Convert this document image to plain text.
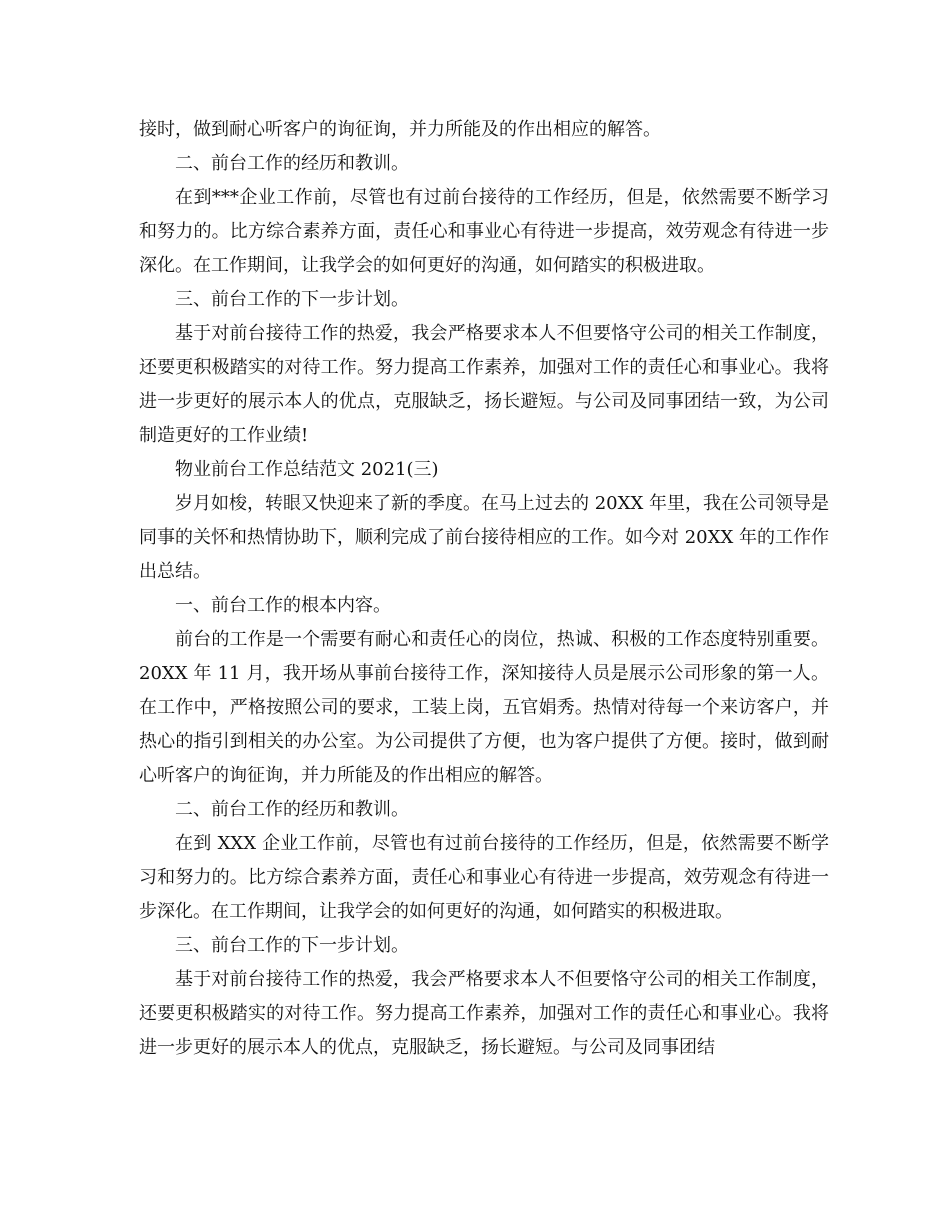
接时，做到耐心听客户的询征询，并力所能及的作出相应的解答。

二、前台工作的经历和教训。

在到***企业工作前，尽管也有过前台接待的工作经历，但是，依然需要不断学习和努力的。比方综合素养方面，责任心和事业心有待进一步提高，效劳观念有待进一步深化。在工作期间，让我学会的如何更好的沟通，如何踏实的积极进取。

三、前台工作的下一步计划。

基于对前台接待工作的热爱，我会严格要求本人不但要恪守公司的相关工作制度，还要更积极踏实的对待工作。努力提高工作素养，加强对工作的责任心和事业心。我将进一步更好的展示本人的优点，克服缺乏，扬长避短。与公司及同事团结一致，为公司制造更好的工作业绩!

物业前台工作总结范文 2021(三)

岁月如梭，转眼又快迎来了新的季度。在马上过去的 20XX 年里，我在公司领导是同事的关怀和热情协助下，顺利完成了前台接待相应的工作。如今对 20XX 年的工作作出总结。

一、前台工作的根本内容。

前台的工作是一个需要有耐心和责任心的岗位，热诚、积极的工作态度特别重要。20XX 年 11 月，我开场从事前台接待工作，深知接待人员是展示公司形象的第一人。在工作中，严格按照公司的要求，工装上岗，五官娟秀。热情对待每一个来访客户，并热心的指引到相关的办公室。为公司提供了方便，也为客户提供了方便。接时，做到耐心听客户的询征询，并力所能及的作出相应的解答。

二、前台工作的经历和教训。

在到 XXX 企业工作前，尽管也有过前台接待的工作经历，但是，依然需要不断学习和努力的。比方综合素养方面，责任心和事业心有待进一步提高，效劳观念有待进一步深化。在工作期间，让我学会的如何更好的沟通，如何踏实的积极进取。

三、前台工作的下一步计划。

基于对前台接待工作的热爱，我会严格要求本人不但要恪守公司的相关工作制度，还要更积极踏实的对待工作。努力提高工作素养，加强对工作的责任心和事业心。我将进一步更好的展示本人的优点，克服缺乏，扬长避短。与公司及同事团结
